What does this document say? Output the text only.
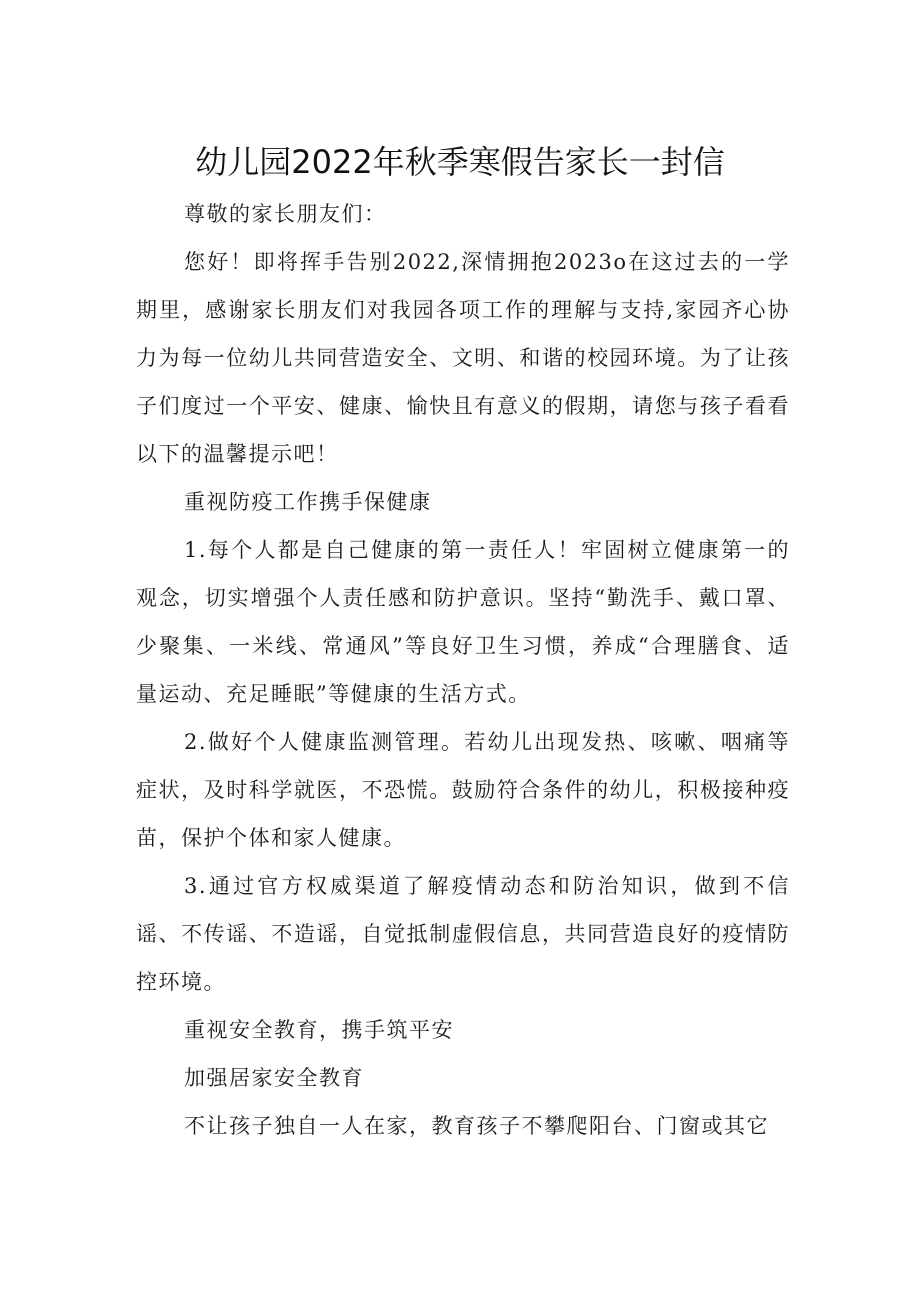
幼儿园2022年秋季寒假告家长一封信

尊敬的家长朋友们：

您好！即将挥手告别2022,深情拥抱2023o在这过去的一学期里，感谢家长朋友们对我园各项工作的理解与支持,家园齐心协力为每一位幼儿共同营造安全、文明、和谐的校园环境。为了让孩子们度过一个平安、健康、愉快且有意义的假期，请您与孩子看看以下的温馨提示吧！

重视防疫工作携手保健康

1.每个人都是自己健康的第一责任人！牢固树立健康第一的观念，切实增强个人责任感和防护意识。坚持“勤洗手、戴口罩、少聚集、一米线、常通风”等良好卫生习惯，养成“合理膳食、适量运动、充足睡眠”等健康的生活方式。

2.做好个人健康监测管理。若幼儿出现发热、咳嗽、咽痛等症状，及时科学就医，不恐慌。鼓励符合条件的幼儿，积极接种疫苗，保护个体和家人健康。

3.通过官方权威渠道了解疫情动态和防治知识，做到不信谣、不传谣、不造谣，自觉抵制虚假信息，共同营造良好的疫情防控环境。

重视安全教育，携手筑平安

加强居家安全教育

不让孩子独自一人在家，教育孩子不攀爬阳台、门窗或其它
